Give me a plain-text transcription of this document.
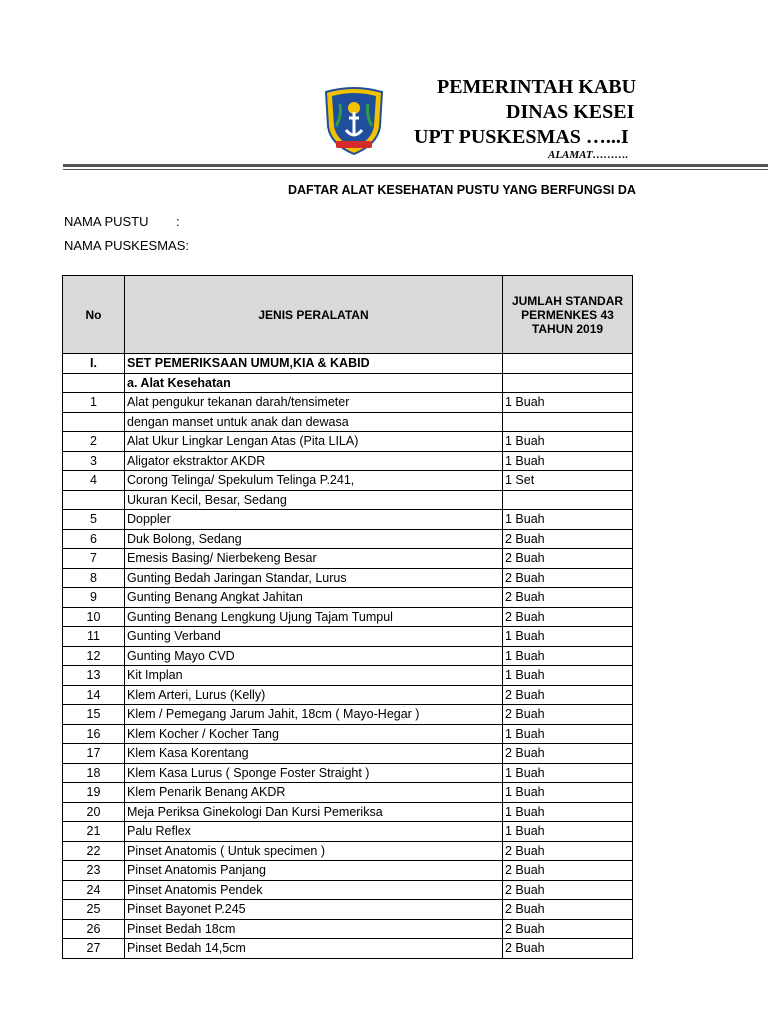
PEMERINTAH KABU
DINAS KESEI
UPT PUSKESMAS …...I
ALAMAT……….
DAFTAR ALAT KESEHATAN PUSTU YANG BERFUNGSI DA
NAMA PUSTU :
NAMA PUSKESMAS:
No	JENIS PERALATAN	JUMLAH STANDAR PERMENKES 43 TAHUN 2019
I.	SET PEMERIKSAAN UMUM,KIA & KABID	
	a. Alat Kesehatan	
1	Alat pengukur tekanan darah/tensimeter	1 Buah
	dengan manset untuk anak dan dewasa	
2	Alat Ukur Lingkar Lengan Atas (Pita LILA)	1 Buah
3	Aligator ekstraktor AKDR	1 Buah
4	Corong Telinga/ Spekulum Telinga P.241,	1 Set
	Ukuran Kecil, Besar, Sedang	
5	Doppler	1 Buah
6	Duk Bolong, Sedang	2 Buah
7	Emesis Basing/ Nierbekeng Besar	2 Buah
8	Gunting Bedah Jaringan Standar, Lurus	2 Buah
9	Gunting Benang Angkat Jahitan	2 Buah
10	Gunting Benang Lengkung Ujung Tajam Tumpul	2 Buah
11	Gunting Verband	1 Buah
12	Gunting Mayo CVD	1 Buah
13	Kit Implan	1 Buah
14	Klem Arteri, Lurus (Kelly)	2 Buah
15	Klem / Pemegang Jarum Jahit, 18cm ( Mayo-Hegar )	2 Buah
16	Klem Kocher / Kocher Tang	1 Buah
17	Klem Kasa Korentang	2 Buah
18	Klem Kasa Lurus ( Sponge Foster Straight )	1 Buah
19	Klem Penarik Benang AKDR	1 Buah
20	Meja Periksa Ginekologi Dan Kursi Pemeriksa	1 Buah
21	Palu Reflex	1 Buah
22	Pinset Anatomis ( Untuk specimen )	2 Buah
23	Pinset Anatomis Panjang	2 Buah
24	Pinset Anatomis Pendek	2 Buah
25	Pinset Bayonet P.245	2 Buah
26	Pinset Bedah 18cm	2 Buah
27	Pinset Bedah 14,5cm	2 Buah
